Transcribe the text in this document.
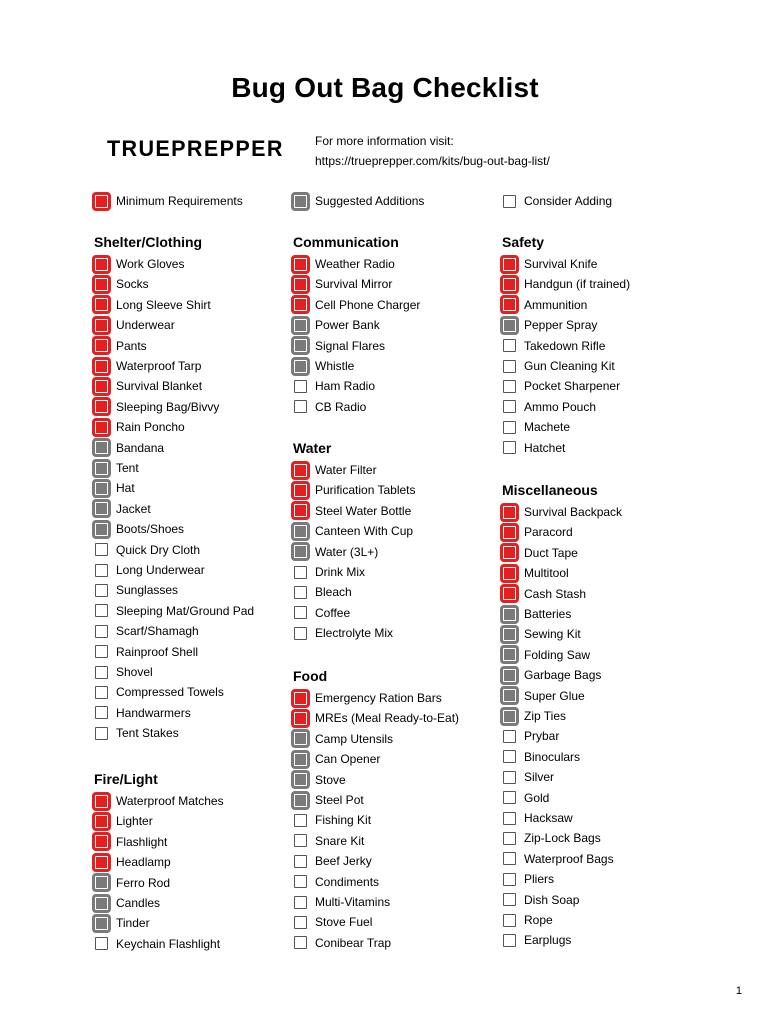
Bug Out Bag Checklist
TRUEPREPPER	For more information visit:
https://trueprepper.com/kits/bug-out-bag-list/
Minimum Requirements	Suggested Additions	Consider Adding
Shelter/Clothing
Work Gloves
Socks
Long Sleeve Shirt
Underwear
Pants
Waterproof Tarp
Survival Blanket
Sleeping Bag/Bivvy
Rain Poncho
Bandana
Tent
Hat
Jacket
Boots/Shoes
Quick Dry Cloth
Long Underwear
Sunglasses
Sleeping Mat/Ground Pad
Scarf/Shamagh
Rainproof Shell
Shovel
Compressed Towels
Handwarmers
Tent Stakes
Fire/Light
Waterproof Matches
Lighter
Flashlight
Headlamp
Ferro Rod
Candles
Tinder
Keychain Flashlight
Communication
Weather Radio
Survival Mirror
Cell Phone Charger
Power Bank
Signal Flares
Whistle
Ham Radio
CB Radio
Water
Water Filter
Purification Tablets
Steel Water Bottle
Canteen With Cup
Water (3L+)
Drink Mix
Bleach
Coffee
Electrolyte Mix
Food
Emergency Ration Bars
MREs (Meal Ready-to-Eat)
Camp Utensils
Can Opener
Stove
Steel Pot
Fishing Kit
Snare Kit
Beef Jerky
Condiments
Multi-Vitamins
Stove Fuel
Conibear Trap
Safety
Survival Knife
Handgun (if trained)
Ammunition
Pepper Spray
Takedown Rifle
Gun Cleaning Kit
Pocket Sharpener
Ammo Pouch
Machete
Hatchet
Miscellaneous
Survival Backpack
Paracord
Duct Tape
Multitool
Cash Stash
Batteries
Sewing Kit
Folding Saw
Garbage Bags
Super Glue
Zip Ties
Prybar
Binoculars
Silver
Gold
Hacksaw
Zip-Lock Bags
Waterproof Bags
Pliers
Dish Soap
Rope
Earplugs
1
